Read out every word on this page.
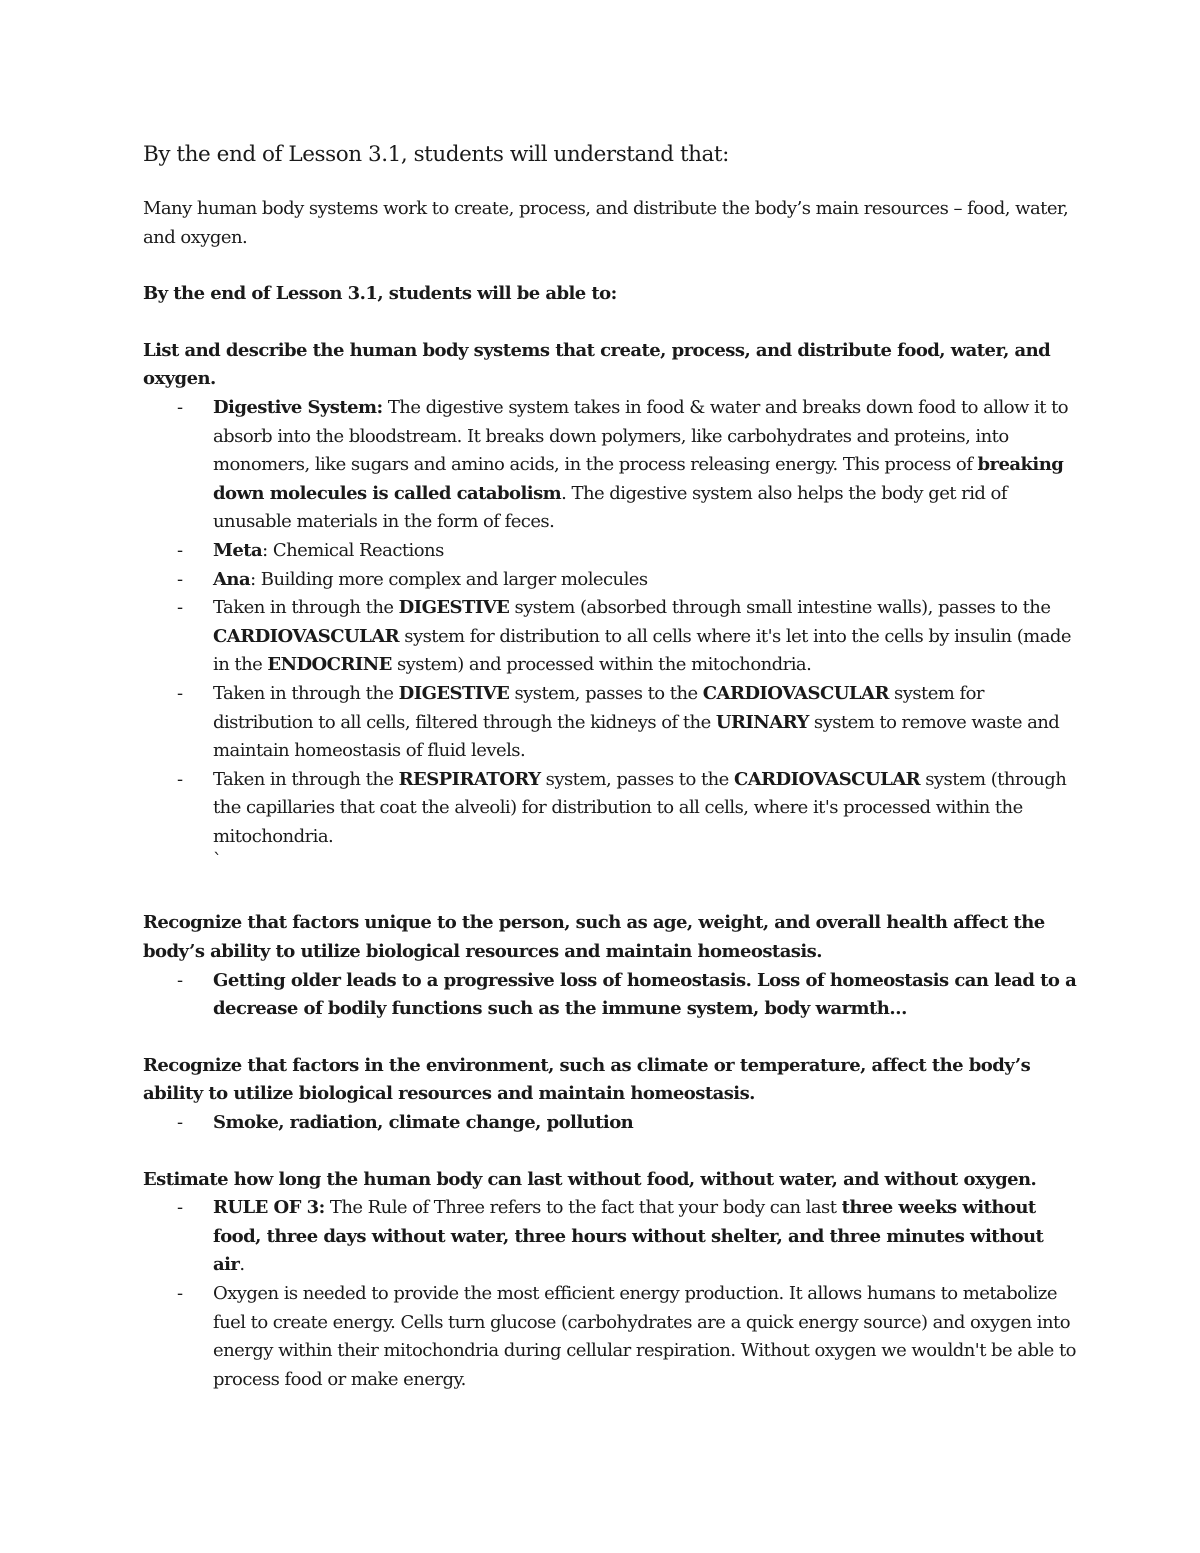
By the end of Lesson 3.1, students will understand that:

Many human body systems work to create, process, and distribute the body’s main resources – food, water, and oxygen.

By the end of Lesson 3.1, students will be able to:

List and describe the human body systems that create, process, and distribute food, water, and oxygen.

- Digestive System: The digestive system takes in food & water and breaks down food to allow it to absorb into the bloodstream. It breaks down polymers, like carbohydrates and proteins, into monomers, like sugars and amino acids, in the process releasing energy. This process of breaking down molecules is called catabolism. The digestive system also helps the body get rid of unusable materials in the form of feces.
- Meta: Chemical Reactions
- Ana: Building more complex and larger molecules
- Taken in through the DIGESTIVE system (absorbed through small intestine walls), passes to the CARDIOVASCULAR system for distribution to all cells where it's let into the cells by insulin (made in the ENDOCRINE system) and processed within the mitochondria.
- Taken in through the DIGESTIVE system, passes to the CARDIOVASCULAR system for distribution to all cells, filtered through the kidneys of the URINARY system to remove waste and maintain homeostasis of fluid levels.
- Taken in through the RESPIRATORY system, passes to the CARDIOVASCULAR system (through the capillaries that coat the alveoli) for distribution to all cells, where it's processed within the mitochondria.
`

Recognize that factors unique to the person, such as age, weight, and overall health affect the body’s ability to utilize biological resources and maintain homeostasis.

- Getting older leads to a progressive loss of homeostasis. Loss of homeostasis can lead to a decrease of bodily functions such as the immune system, body warmth…

Recognize that factors in the environment, such as climate or temperature, affect the body’s ability to utilize biological resources and maintain homeostasis.

- Smoke, radiation, climate change, pollution

Estimate how long the human body can last without food, without water, and without oxygen.

- RULE OF 3: The Rule of Three refers to the fact that your body can last three weeks without food, three days without water, three hours without shelter, and three minutes without air.
- Oxygen is needed to provide the most efficient energy production. It allows humans to metabolize fuel to create energy. Cells turn glucose (carbohydrates are a quick energy source) and oxygen into energy within their mitochondria during cellular respiration. Without oxygen we wouldn't be able to process food or make energy.
